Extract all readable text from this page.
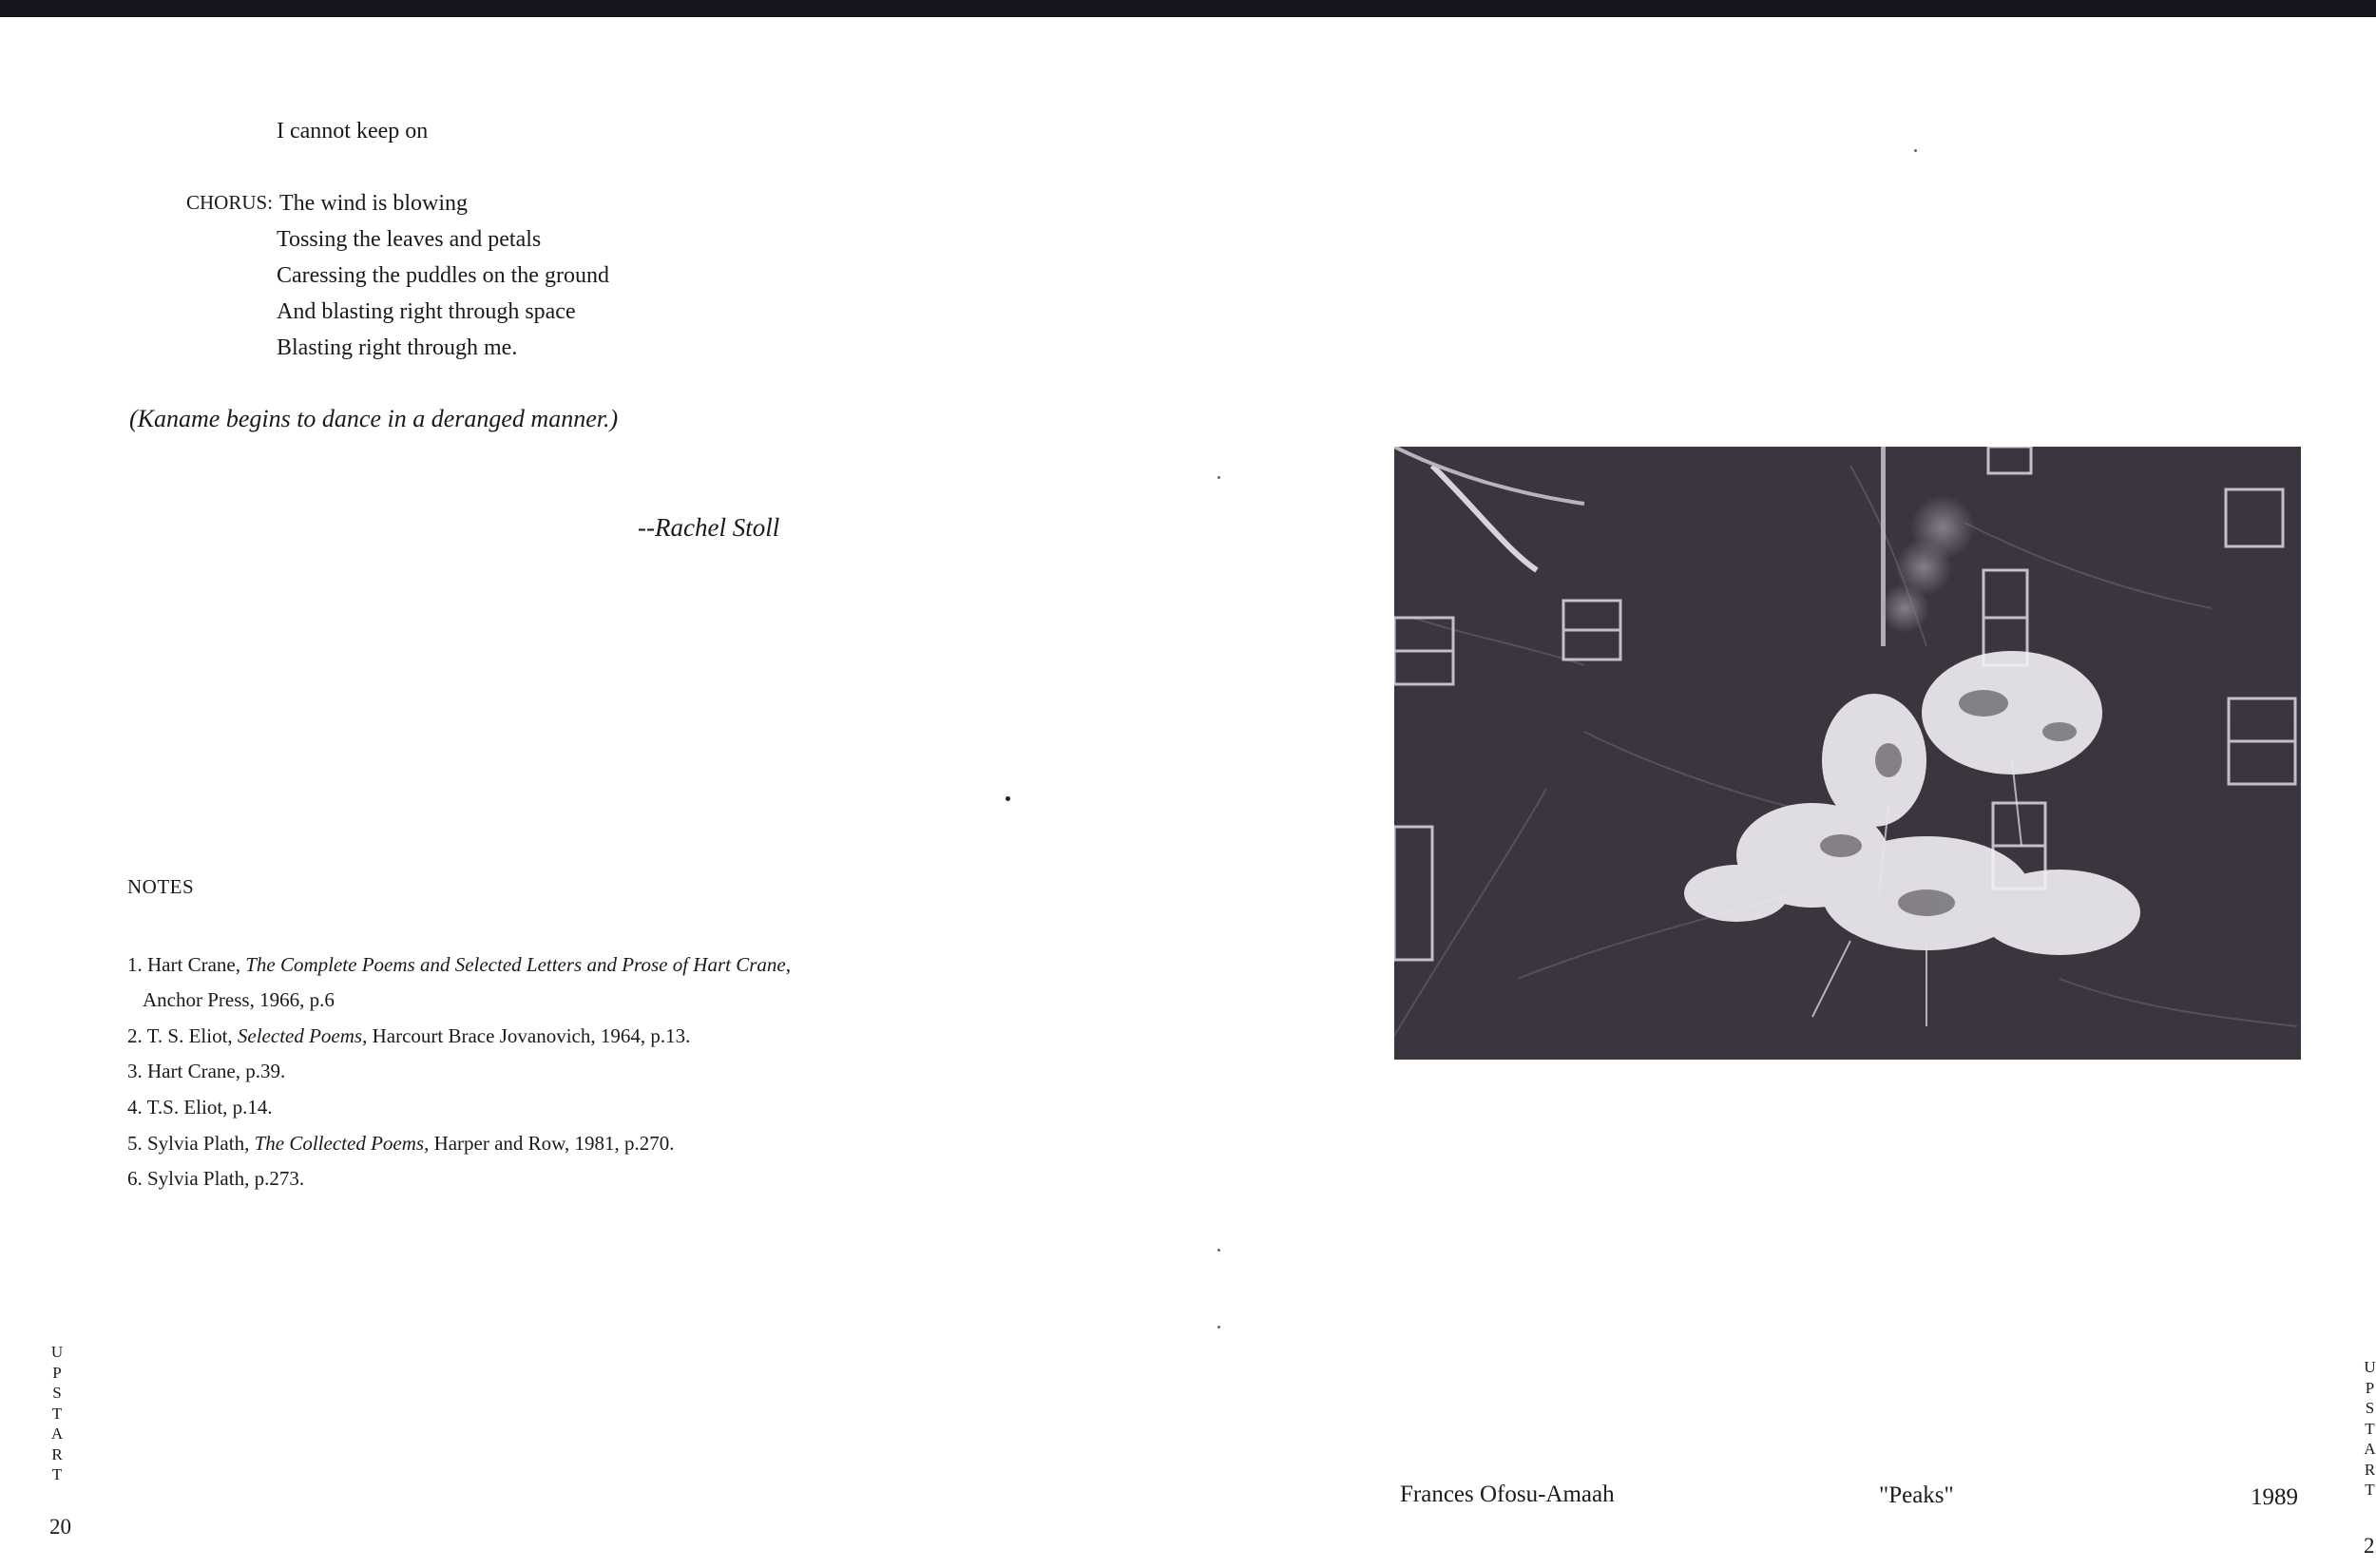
I cannot keep on
CHORUS: The wind is blowing
Tossing the leaves and petals
Caressing the puddles on the ground
And blasting right through space
Blasting right through me.
(Kaname begins to dance in a deranged manner.)
--Rachel Stoll
NOTES
1. Hart Crane, The Complete Poems and Selected Letters and Prose of Hart Crane,
Anchor Press, 1966, p.6
2. T. S. Eliot, Selected Poems, Harcourt Brace Jovanovich, 1964, p.13.
3. Hart Crane, p.39.
4. T.S. Eliot, p.14.
5. Sylvia Plath, The Collected Poems, Harper and Row, 1981, p.270.
6. Sylvia Plath, p.273.
U
P
S
T
A
R
T
20
U
P
S
T
A
R
T
2
Frances Ofosu-Amaah	"Peaks"	1989
